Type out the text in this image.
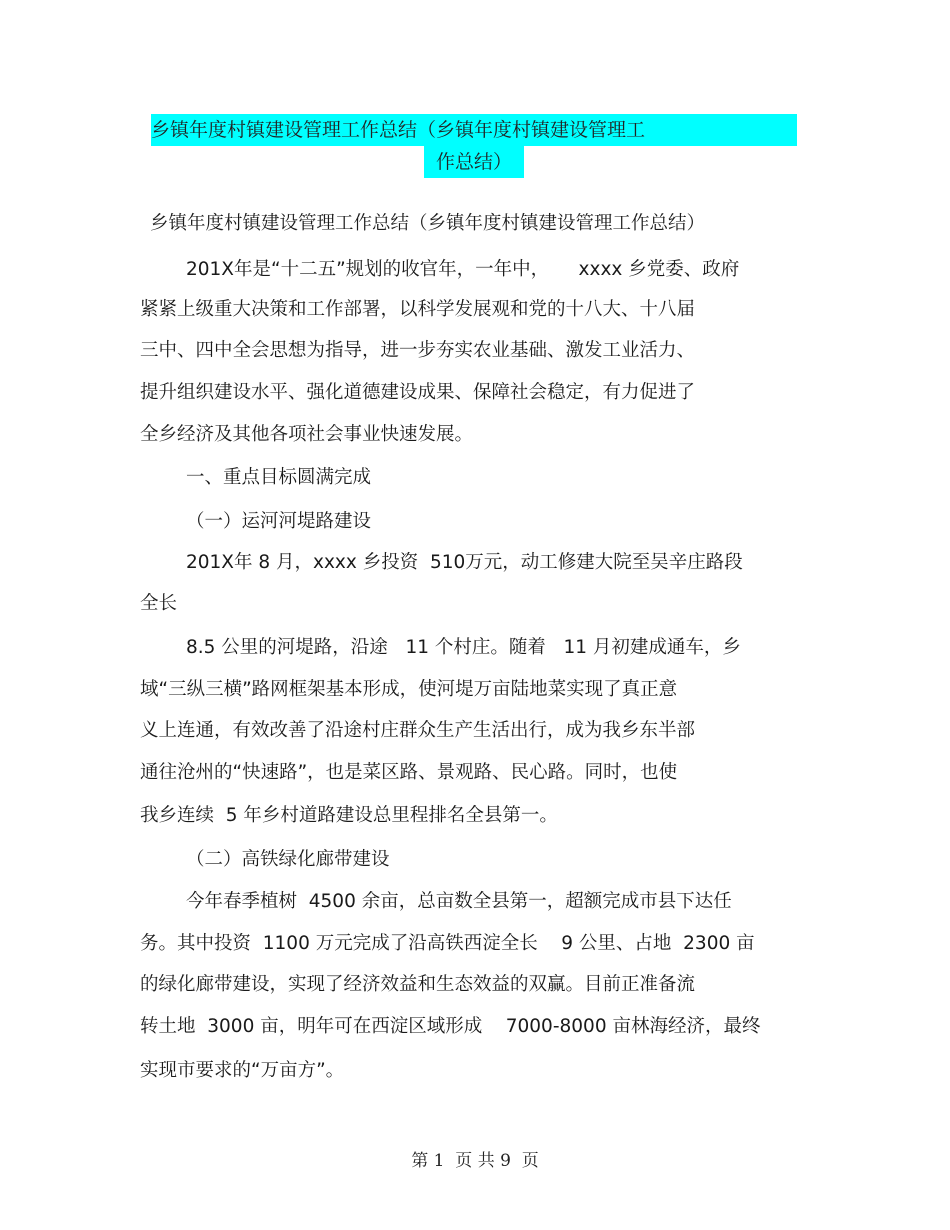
乡镇年度村镇建设管理工作总结（乡镇年度村镇建设管理工
作总结）
乡镇年度村镇建设管理工作总结（乡镇年度村镇建设管理工作总结）
201X年是“十二五”规划的收官年，一年中，     xxxx 乡党委、政府
紧紧上级重大决策和工作部署，以科学发展观和党的十八大、十八届
三中、四中全会思想为指导，进一步夯实农业基础、激发工业活力、
提升组织建设水平、强化道德建设成果、保障社会稳定，有力促进了
全乡经济及其他各项社会事业快速发展。
一、重点目标圆满完成
（一）运河河堤路建设
201X年 8 月，xxxx 乡投资  510万元，动工修建大院至吴辛庄路段
全长
8.5 公里的河堤路，沿途   11 个村庄。随着   11 月初建成通车，乡
域“三纵三横”路网框架基本形成，使河堤万亩陆地菜实现了真正意
义上连通，有效改善了沿途村庄群众生产生活出行，成为我乡东半部
通往沧州的“快速路”，也是菜区路、景观路、民心路。同时，也使
我乡连续  5 年乡村道路建设总里程排名全县第一。
（二）高铁绿化廊带建设
今年春季植树  4500 余亩，总亩数全县第一，超额完成市县下达任
务。其中投资  1100 万元完成了沿高铁西淀全长    9 公里、占地  2300 亩
的绿化廊带建设，实现了经济效益和生态效益的双赢。目前正准备流
转土地  3000 亩，明年可在西淀区域形成    7000-8000 亩林海经济，最终
实现市要求的“万亩方”。
第 1  页 共 9  页
